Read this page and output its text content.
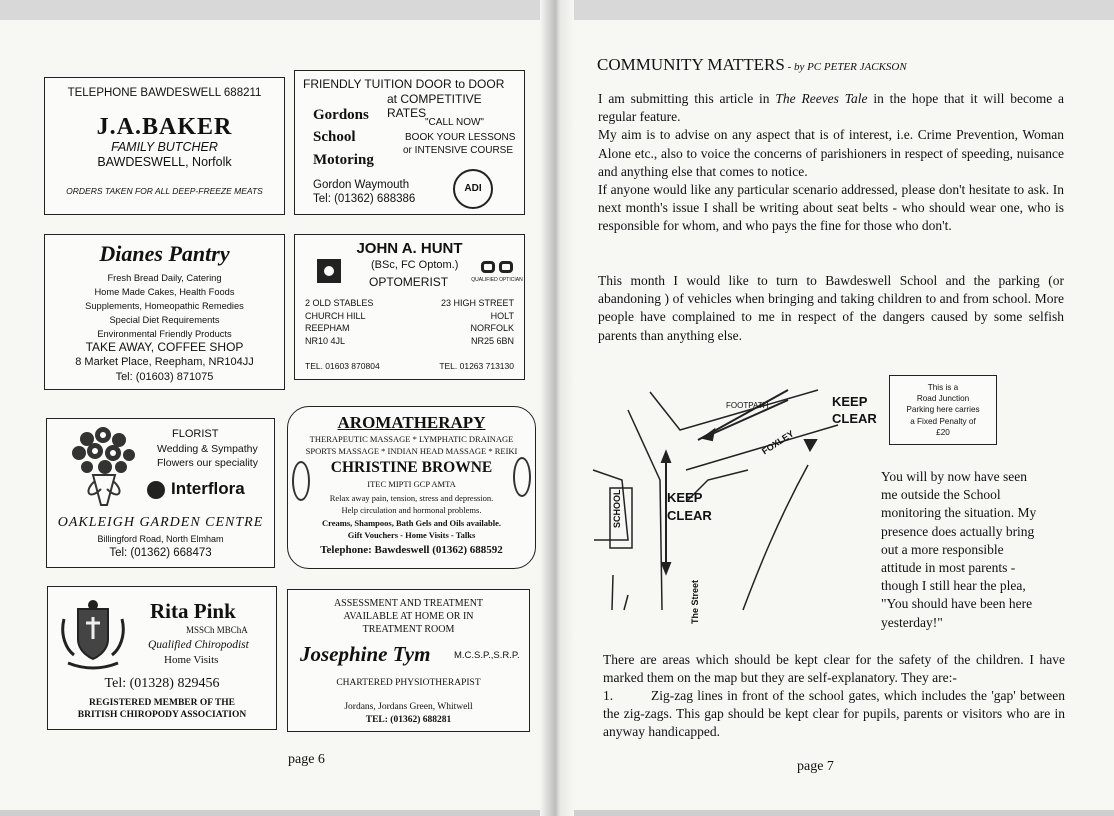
TELEPHONE BAWDESWELL 688211
J.A.BAKER
FAMILY BUTCHER
BAWDESWELL, Norfolk
ORDERS TAKEN FOR ALL DEEP-FREEZE MEATS
FRIENDLY TUITION DOOR to DOOR
at COMPETITIVE RATES
Gordons
School
Motoring
"CALL NOW"
BOOK YOUR LESSONS
or INTENSIVE COURSE
Gordon Waymouth
Tel: (01362) 688386
ADI
Dianes Pantry
Fresh Bread Daily, Catering
Home Made Cakes, Health Foods
Supplements, Homeopathic Remedies
Special Diet Requirements
Environmental Friendly Products
TAKE AWAY, COFFEE SHOP
8 Market Place, Reepham, NR104JJ
Tel: (01603) 871075
JOHN A. HUNT
(BSc, FC Optom.)
OPTOMERIST	QUALIFIED OPTICIAN
2 OLD STABLES
CHURCH HILL
REEPHAM
NR10 4JL
23 HIGH STREET
HOLT
NORFOLK
NR25 6BN
TEL. 01603 870804	TEL. 01263 713130
FLORIST
Wedding & Sympathy
Flowers our speciality
Interflora
OAKLEIGH GARDEN CENTRE
Billingford Road, North Elmham
Tel: (01362) 668473
AROMATHERAPY
THERAPEUTIC MASSAGE * LYMPHATIC DRAINAGE
SPORTS MASSAGE * INDIAN HEAD MASSAGE * REIKI
CHRISTINE BROWNE
ITEC MIPTI GCP AMTA
Relax away pain, tension, stress and depression.
Help circulation and hormonal problems.
Creams, Shampoos, Bath Gels and Oils available.
Gift Vouchers - Home Visits - Talks
Telephone: Bawdeswell (01362) 688592
Rita Pink
MSSCh MBChA
Qualified Chiropodist
Home Visits
Tel: (01328) 829456
REGISTERED MEMBER OF THE
BRITISH CHIROPODY ASSOCIATION
ASSESSMENT AND TREATMENT
AVAILABLE AT HOME OR IN
TREATMENT ROOM
Josephine Tym M.C.S.P.,S.R.P.
CHARTERED PHYSIOTHERAPIST
Jordans, Jordans Green, Whitwell
TEL: (01362) 688281
page 6
COMMUNITY MATTERS - by PC PETER JACKSON

I am submitting this article in The Reeves Tale in the hope that it will become a regular feature.

My aim is to advise on any aspect that is of interest, i.e. Crime Prevention, Woman Alone etc., also to voice the concerns of parishioners in respect of speeding, nuisance and anything else that comes to notice.

If anyone would like any particular scenario addressed, please don't hesitate to ask. In next month's issue I shall be writing about seat belts - who should wear one, who is responsible for whom, and who pays the fine for those who don't.

This month I would like to turn to Bawdeswell School and the parking (or abandoning ) of vehicles when bringing and taking children to and from school. More people have complained to me in respect of the dangers caused by some selfish parents than anything else.
FOOTPATH	KEEP
CLEAR
FOXLEY
SCHOOL	KEEP
CLEAR
The Street
This is a
Road Junction
Parking here carries
a Fixed Penalty of
£20
You will by now have seen
me outside the School
monitoring the situation. My
presence does actually bring
out a more responsible
attitude in most parents -
though I still hear the plea,
"You should have been here
yesterday!"
There are areas which should be kept clear for the safety of the children. I have marked them on the map but they are self-explanatory. They are:-
1.	Zig-zag lines in front of the school gates, which includes the 'gap' between the zig-zags. This gap should be kept clear for pupils, parents or visitors who are in anyway handicapped.
page 7
